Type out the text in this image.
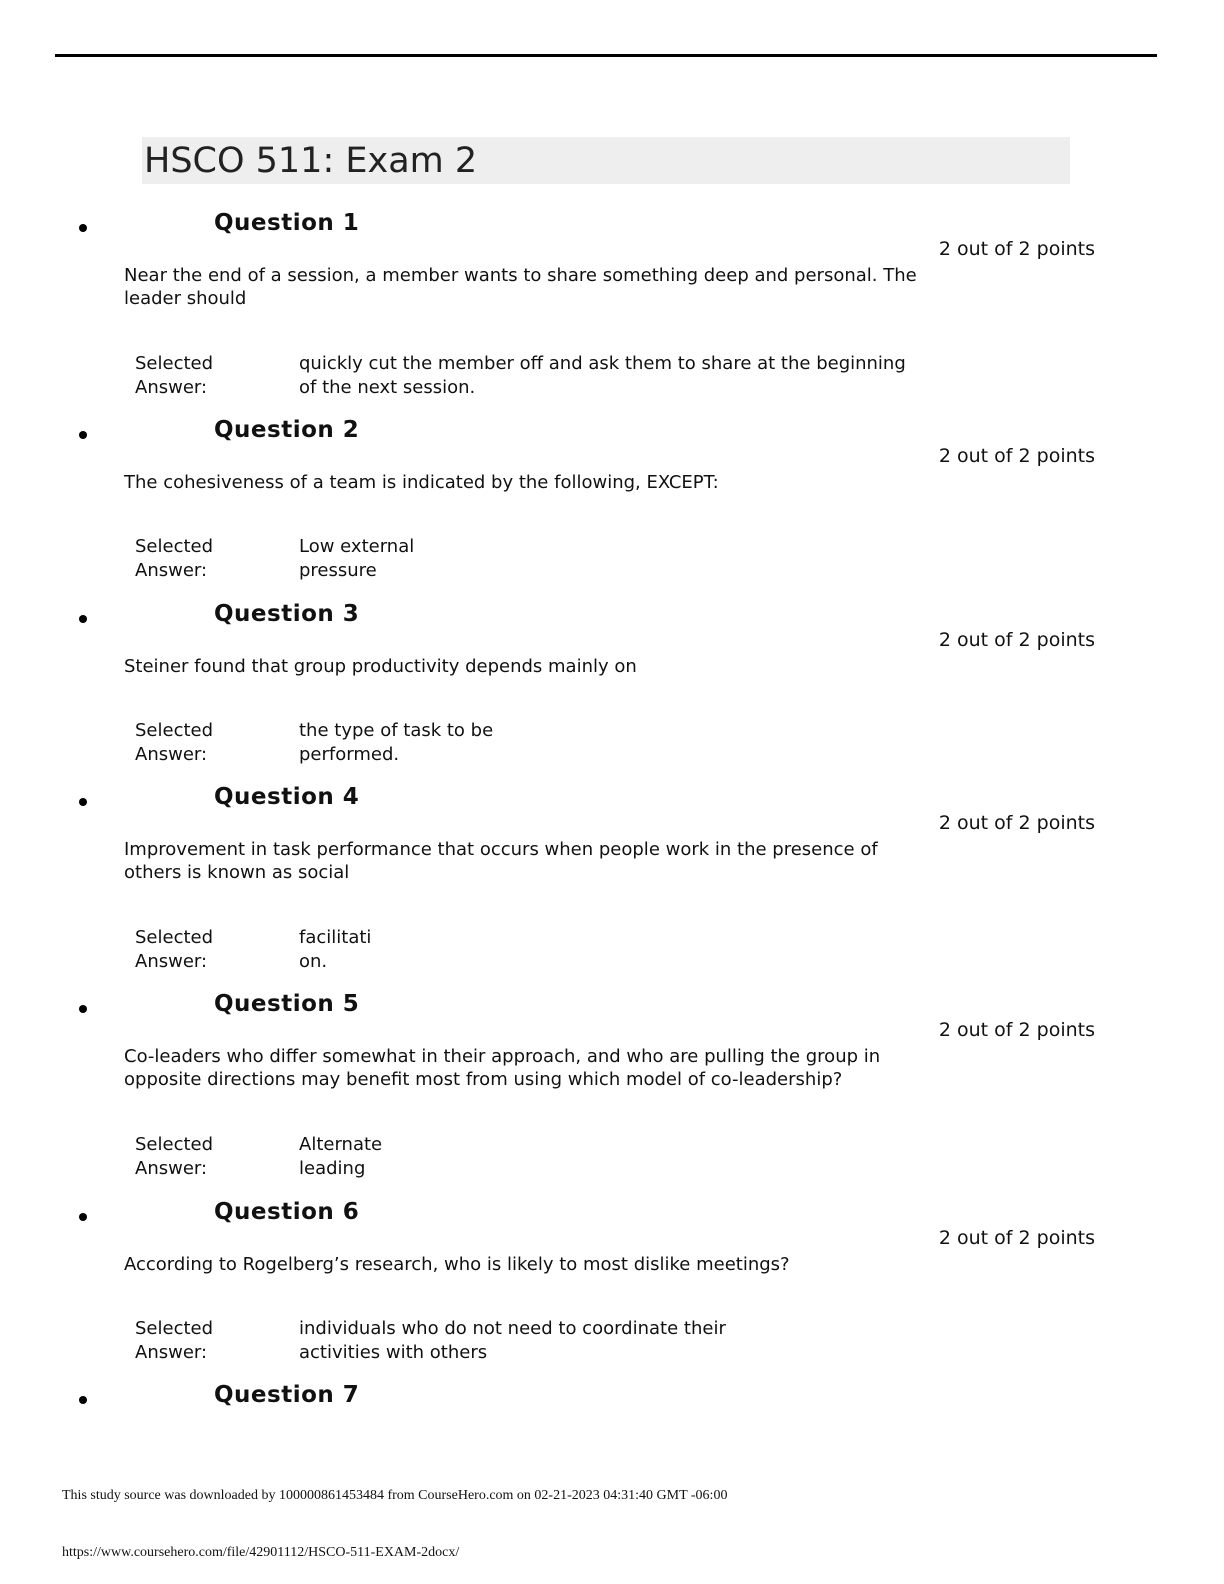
HSCO 511: Exam 2
Question 1
2 out of 2 points
Near the end of a session, a member wants to share something deep and personal. The
leader should
Selected
Answer:
quickly cut the member off and ask them to share at the beginning
of the next session.
Question 2
2 out of 2 points
The cohesiveness of a team is indicated by the following, EXCEPT:
Selected
Answer:
Low external
pressure
Question 3
2 out of 2 points
Steiner found that group productivity depends mainly on
Selected
Answer:
the type of task to be
performed.
Question 4
2 out of 2 points
Improvement in task performance that occurs when people work in the presence of
others is known as social
Selected
Answer:
facilitati
on.
Question 5
2 out of 2 points
Co-leaders who differ somewhat in their approach, and who are pulling the group in
opposite directions may benefit most from using which model of co-leadership?
Selected
Answer:
Alternate
leading
Question 6
2 out of 2 points
According to Rogelberg’s research, who is likely to most dislike meetings?
Selected
Answer:
individuals who do not need to coordinate their
activities with others
Question 7
This study source was downloaded by 100000861453484 from CourseHero.com on 02-21-2023 04:31:40 GMT -06:00
https://www.coursehero.com/file/42901112/HSCO-511-EXAM-2docx/
